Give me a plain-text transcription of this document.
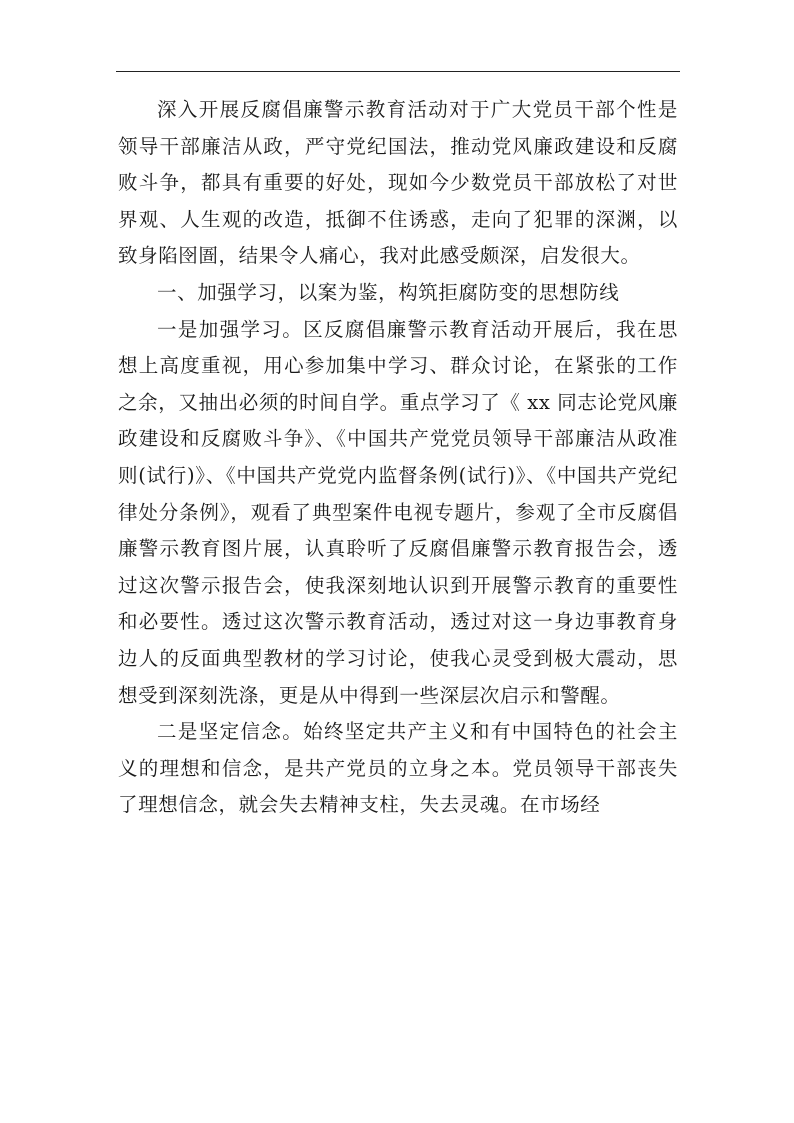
深入开展反腐倡廉警示教育活动对于广大党员干部个性是领导干部廉洁从政，严守党纪国法，推动党风廉政建设和反腐败斗争，都具有重要的好处，现如今少数党员干部放松了对世界观、人生观的改造，抵御不住诱惑，走向了犯罪的深渊，以致身陷囹圄，结果令人痛心，我对此感受颇深，启发很大。

一、加强学习，以案为鉴，构筑拒腐防变的思想防线

一是加强学习。区反腐倡廉警示教育活动开展后，我在思想上高度重视，用心参加集中学习、群众讨论，在紧张的工作之余，又抽出必须的时间自学。重点学习了《 xx 同志论党风廉政建设和反腐败斗争》、《中国共产党党员领导干部廉洁从政准则(试行)》、《中国共产党党内监督条例(试行)》、《中国共产党纪律处分条例》，观看了典型案件电视专题片，参观了全市反腐倡廉警示教育图片展，认真聆听了反腐倡廉警示教育报告会，透过这次警示报告会，使我深刻地认识到开展警示教育的重要性和必要性。透过这次警示教育活动，透过对这一身边事教育身边人的反面典型教材的学习讨论，使我心灵受到极大震动，思想受到深刻洗涤，更是从中得到一些深层次启示和警醒。

二是坚定信念。始终坚定共产主义和有中国特色的社会主义的理想和信念，是共产党员的立身之本。党员领导干部丧失了理想信念，就会失去精神支柱，失去灵魂。在市场经
